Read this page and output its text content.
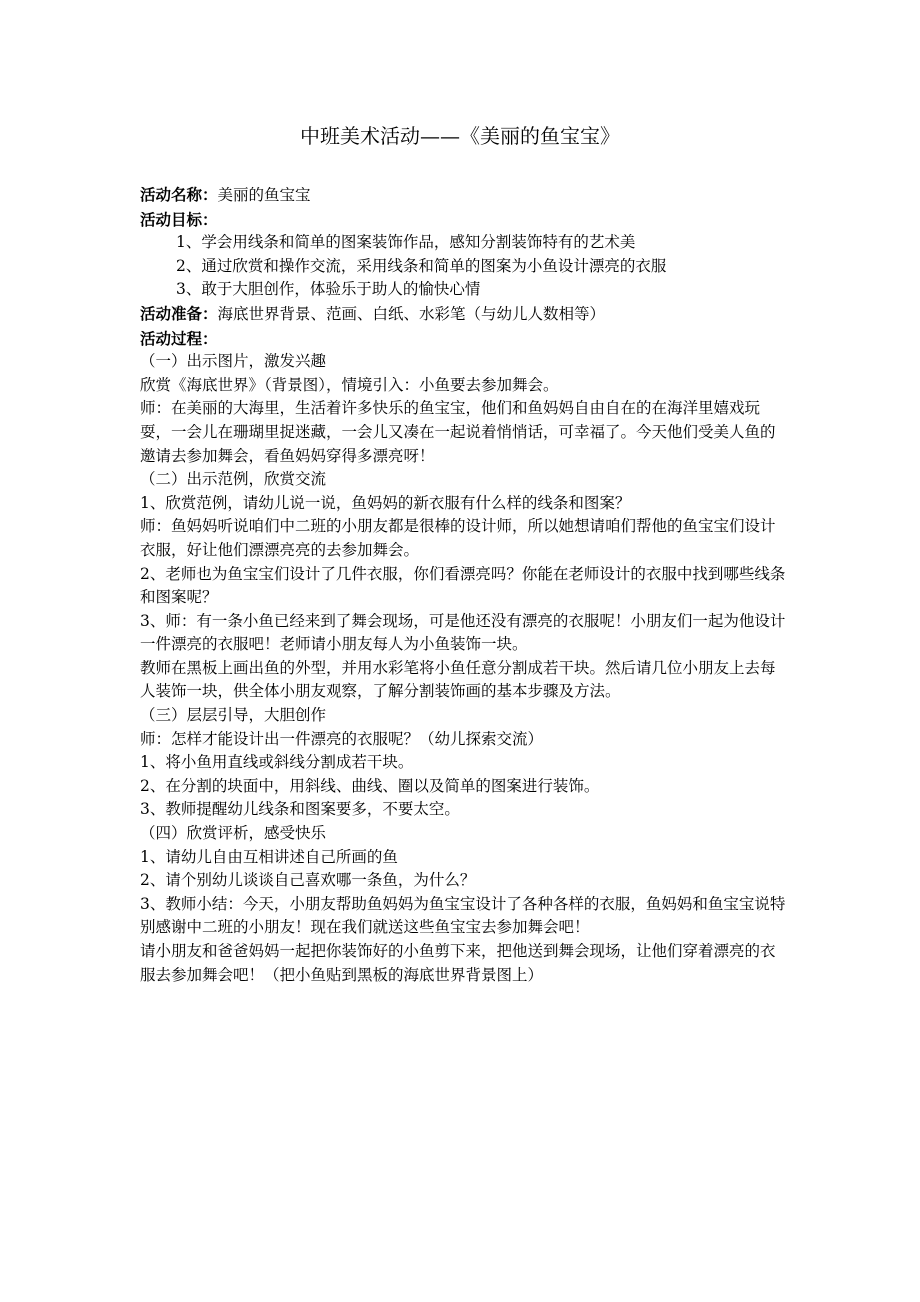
中班美术活动——《美丽的鱼宝宝》

活动名称：美丽的鱼宝宝

活动目标：

1、学会用线条和简单的图案装饰作品，感知分割装饰特有的艺术美

2、通过欣赏和操作交流，采用线条和简单的图案为小鱼设计漂亮的衣服

3、敢于大胆创作，体验乐于助人的愉快心情

活动准备：海底世界背景、范画、白纸、水彩笔（与幼儿人数相等）

活动过程：

（一）出示图片，激发兴趣

欣赏《海底世界》（背景图），情境引入：小鱼要去参加舞会。

师：在美丽的大海里，生活着许多快乐的鱼宝宝，他们和鱼妈妈自由自在的在海洋里嬉戏玩耍，一会儿在珊瑚里捉迷藏，一会儿又凑在一起说着悄悄话，可幸福了。今天他们受美人鱼的邀请去参加舞会，看鱼妈妈穿得多漂亮呀！

（二）出示范例，欣赏交流

1、欣赏范例，请幼儿说一说，鱼妈妈的新衣服有什么样的线条和图案？

师：鱼妈妈听说咱们中二班的小朋友都是很棒的设计师，所以她想请咱们帮他的鱼宝宝们设计衣服，好让他们漂漂亮亮的去参加舞会。

2、老师也为鱼宝宝们设计了几件衣服，你们看漂亮吗？你能在老师设计的衣服中找到哪些线条和图案呢？

3、师：有一条小鱼已经来到了舞会现场，可是他还没有漂亮的衣服呢！小朋友们一起为他设计一件漂亮的衣服吧！老师请小朋友每人为小鱼装饰一块。

教师在黑板上画出鱼的外型，并用水彩笔将小鱼任意分割成若干块。然后请几位小朋友上去每人装饰一块，供全体小朋友观察，了解分割装饰画的基本步骤及方法。

（三）层层引导，大胆创作

师：怎样才能设计出一件漂亮的衣服呢？（幼儿探索交流）

1、将小鱼用直线或斜线分割成若干块。

2、在分割的块面中，用斜线、曲线、圈以及简单的图案进行装饰。

3、教师提醒幼儿线条和图案要多，不要太空。

（四）欣赏评析，感受快乐

1、请幼儿自由互相讲述自己所画的鱼

2、请个别幼儿谈谈自己喜欢哪一条鱼，为什么？

3、教师小结：今天，小朋友帮助鱼妈妈为鱼宝宝设计了各种各样的衣服，鱼妈妈和鱼宝宝说特别感谢中二班的小朋友！现在我们就送这些鱼宝宝去参加舞会吧！

请小朋友和爸爸妈妈一起把你装饰好的小鱼剪下来，把他送到舞会现场，让他们穿着漂亮的衣服去参加舞会吧！（把小鱼贴到黑板的海底世界背景图上）
